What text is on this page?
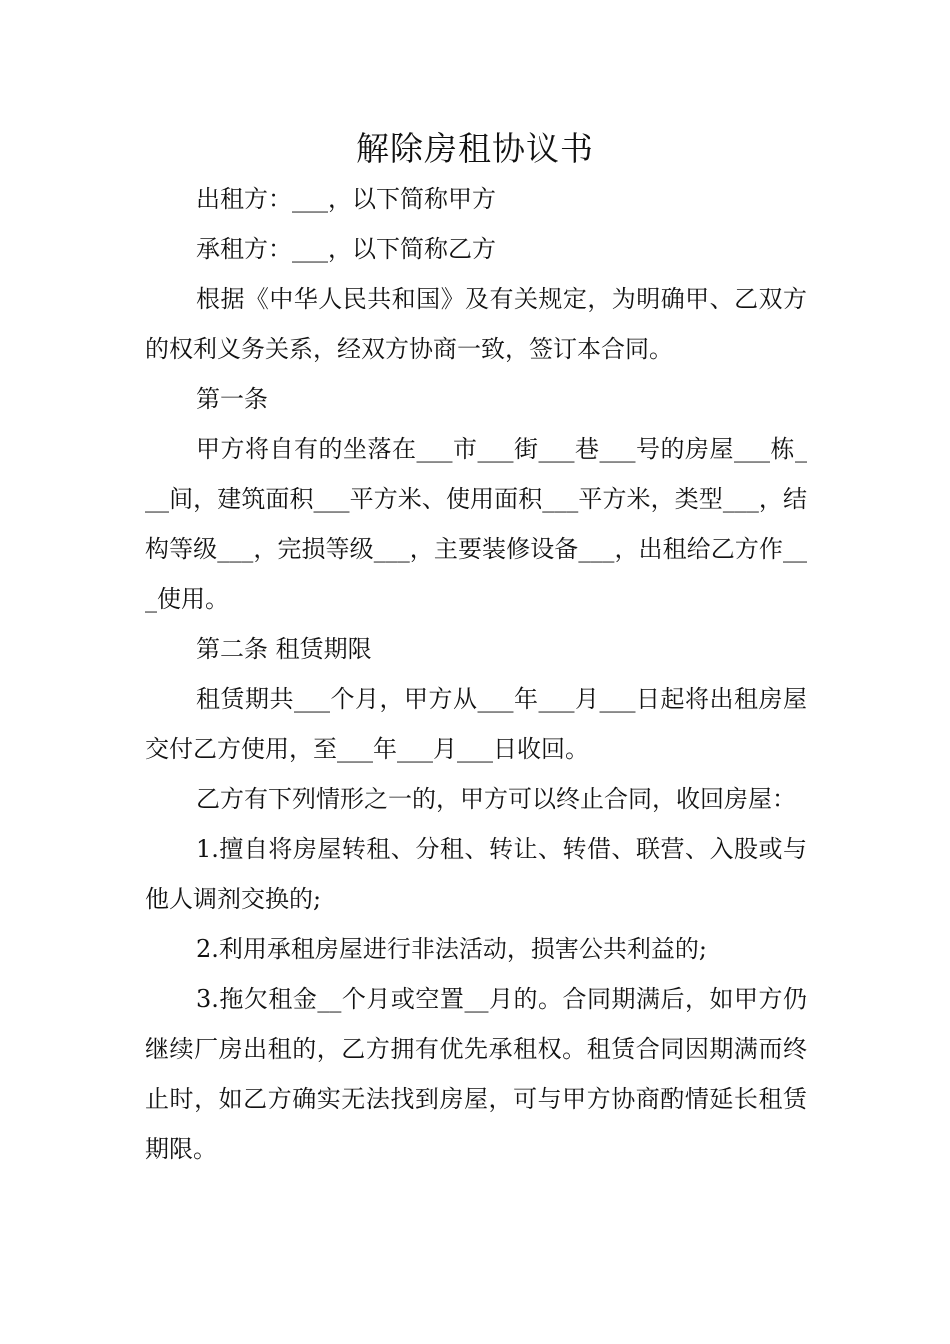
解除房租协议书

出租方：___，以下简称甲方

承租方：___，以下简称乙方

根据《中华人民共和国》及有关规定，为明确甲、乙双方的权利义务关系，经双方协商一致，签订本合同。

第一条

甲方将自有的坐落在___市___街___巷___号的房屋___栋___间，建筑面积___平方米、使用面积___平方米，类型___，结构等级___，完损等级___，主要装修设备___，出租给乙方作___使用。

第二条 租赁期限

租赁期共___个月，甲方从___年___月___日起将出租房屋交付乙方使用，至___年___月___日收回。

乙方有下列情形之一的，甲方可以终止合同，收回房屋：

1.擅自将房屋转租、分租、转让、转借、联营、入股或与他人调剂交换的;

2.利用承租房屋进行非法活动，损害公共利益的;

3.拖欠租金__个月或空置__月的。合同期满后，如甲方仍继续厂房出租的，乙方拥有优先承租权。租赁合同因期满而终止时，如乙方确实无法找到房屋，可与甲方协商酌情延长租赁期限。
